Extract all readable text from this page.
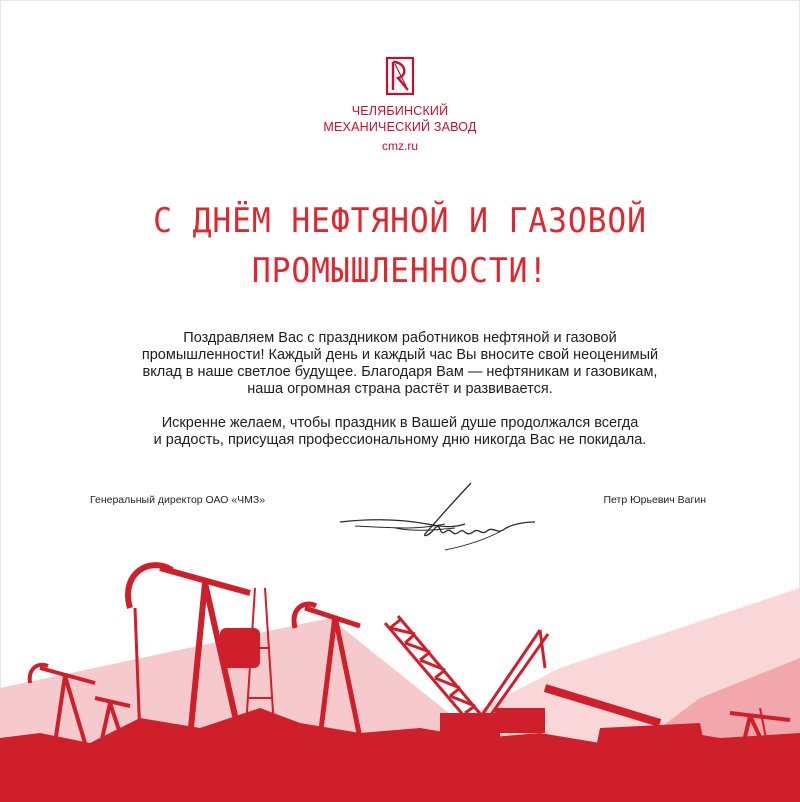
ЧЕЛЯБИНСКИЙ
МЕХАНИЧЕСКИЙ ЗАВОД
cmz.ru
С ДНЁМ НЕФТЯНОЙ И ГАЗОВОЙ
ПРОМЫШЛЕННОСТИ!

Поздравляем Вас с праздником работников нефтяной и газовой
промышленности! Каждый день и каждый час Вы вносите свой неоценимый
вклад в наше светлое будущее. Благодаря Вам — нефтяникам и газовикам,
наша огромная страна растёт и развивается.

Искренне желаем, чтобы праздник в Вашей душе продолжался всегда
и радость, присущая профессиональному дню никогда Вас не покидала.

Генеральный директор ОАО «ЧМЗ»	Петр Юрьевич Вагин
